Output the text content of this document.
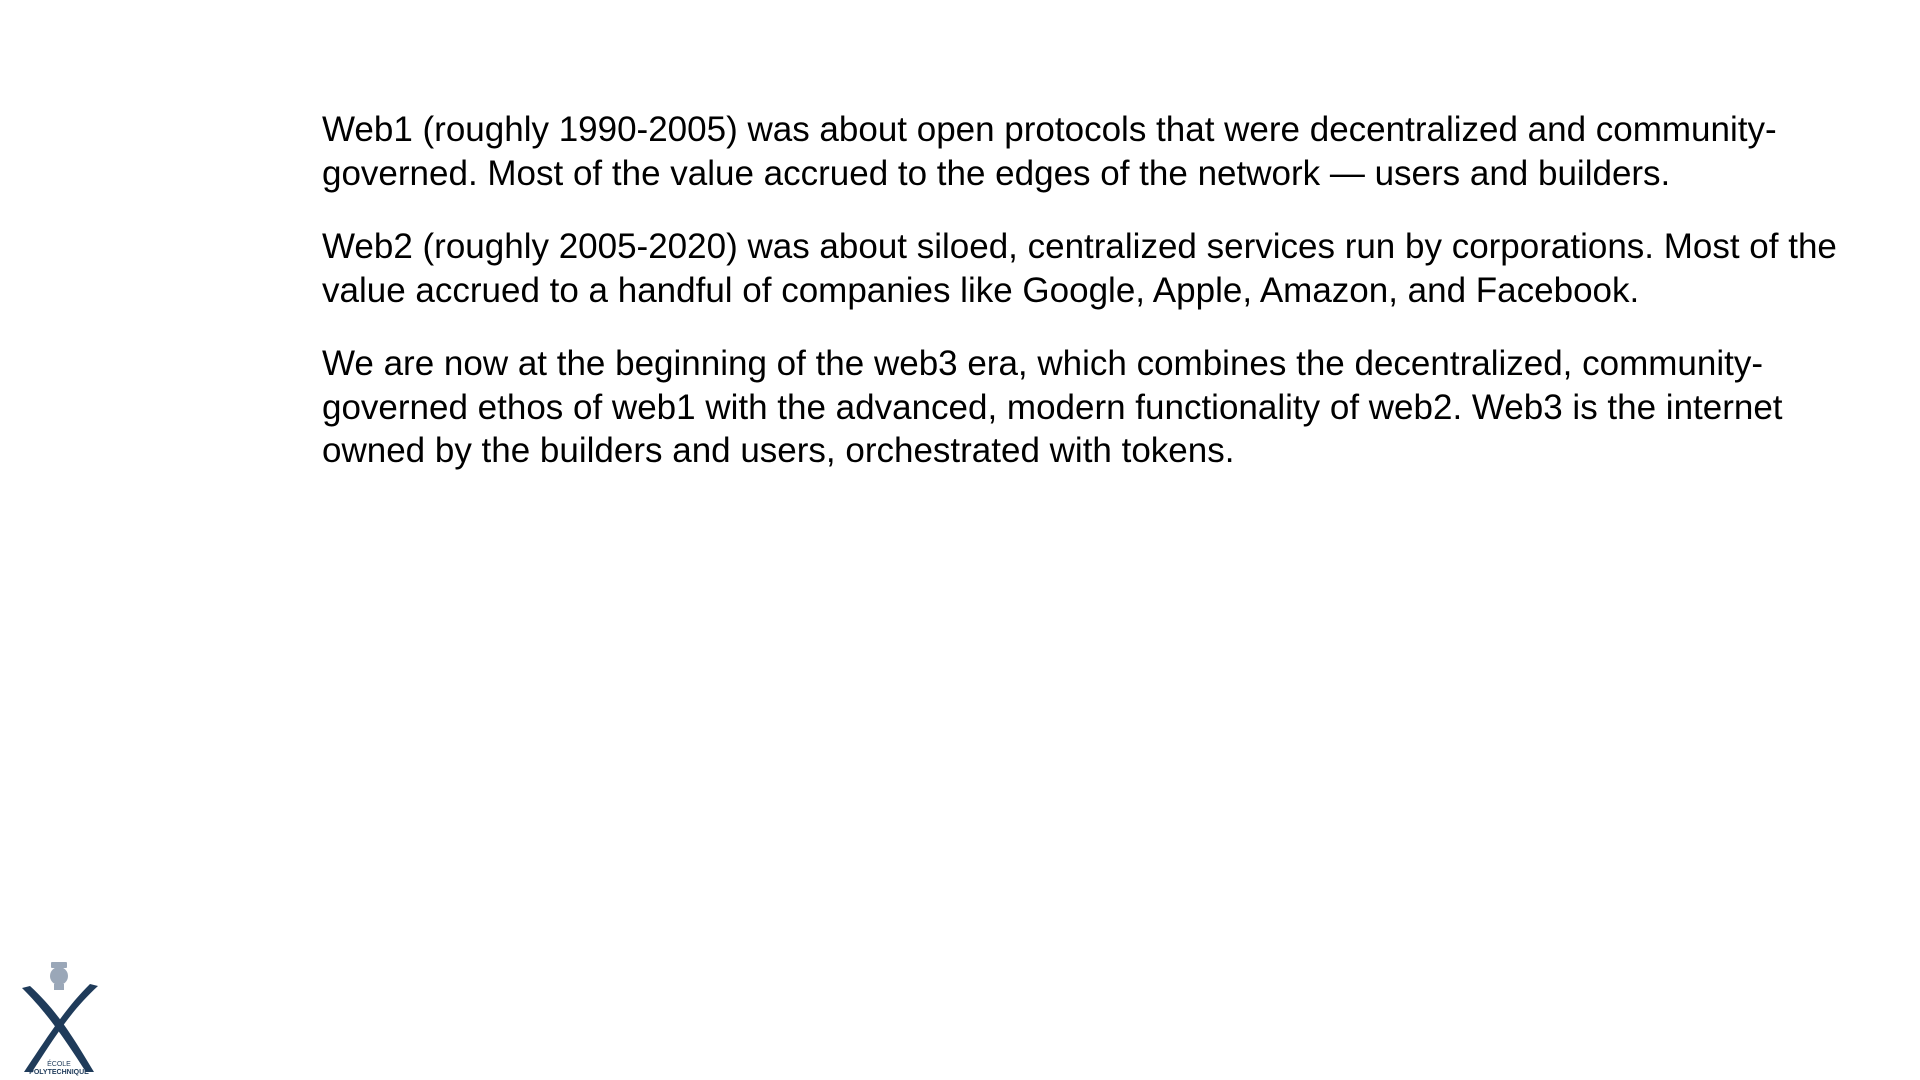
Web1 (roughly 1990-2005) was about open protocols that were decentralized and community-governed. Most of the value accrued to the edges of the network — users and builders.

Web2 (roughly 2005-2020) was about siloed, centralized services run by corporations. Most of the value accrued to a handful of companies like Google, Apple, Amazon, and Facebook.

We are now at the beginning of the web3 era, which combines the decentralized, community-governed ethos of web1 with the advanced, modern functionality of web2. Web3 is the internet owned by the builders and users, orchestrated with tokens.

ÉCOLE
POLYTECHNIQUE
